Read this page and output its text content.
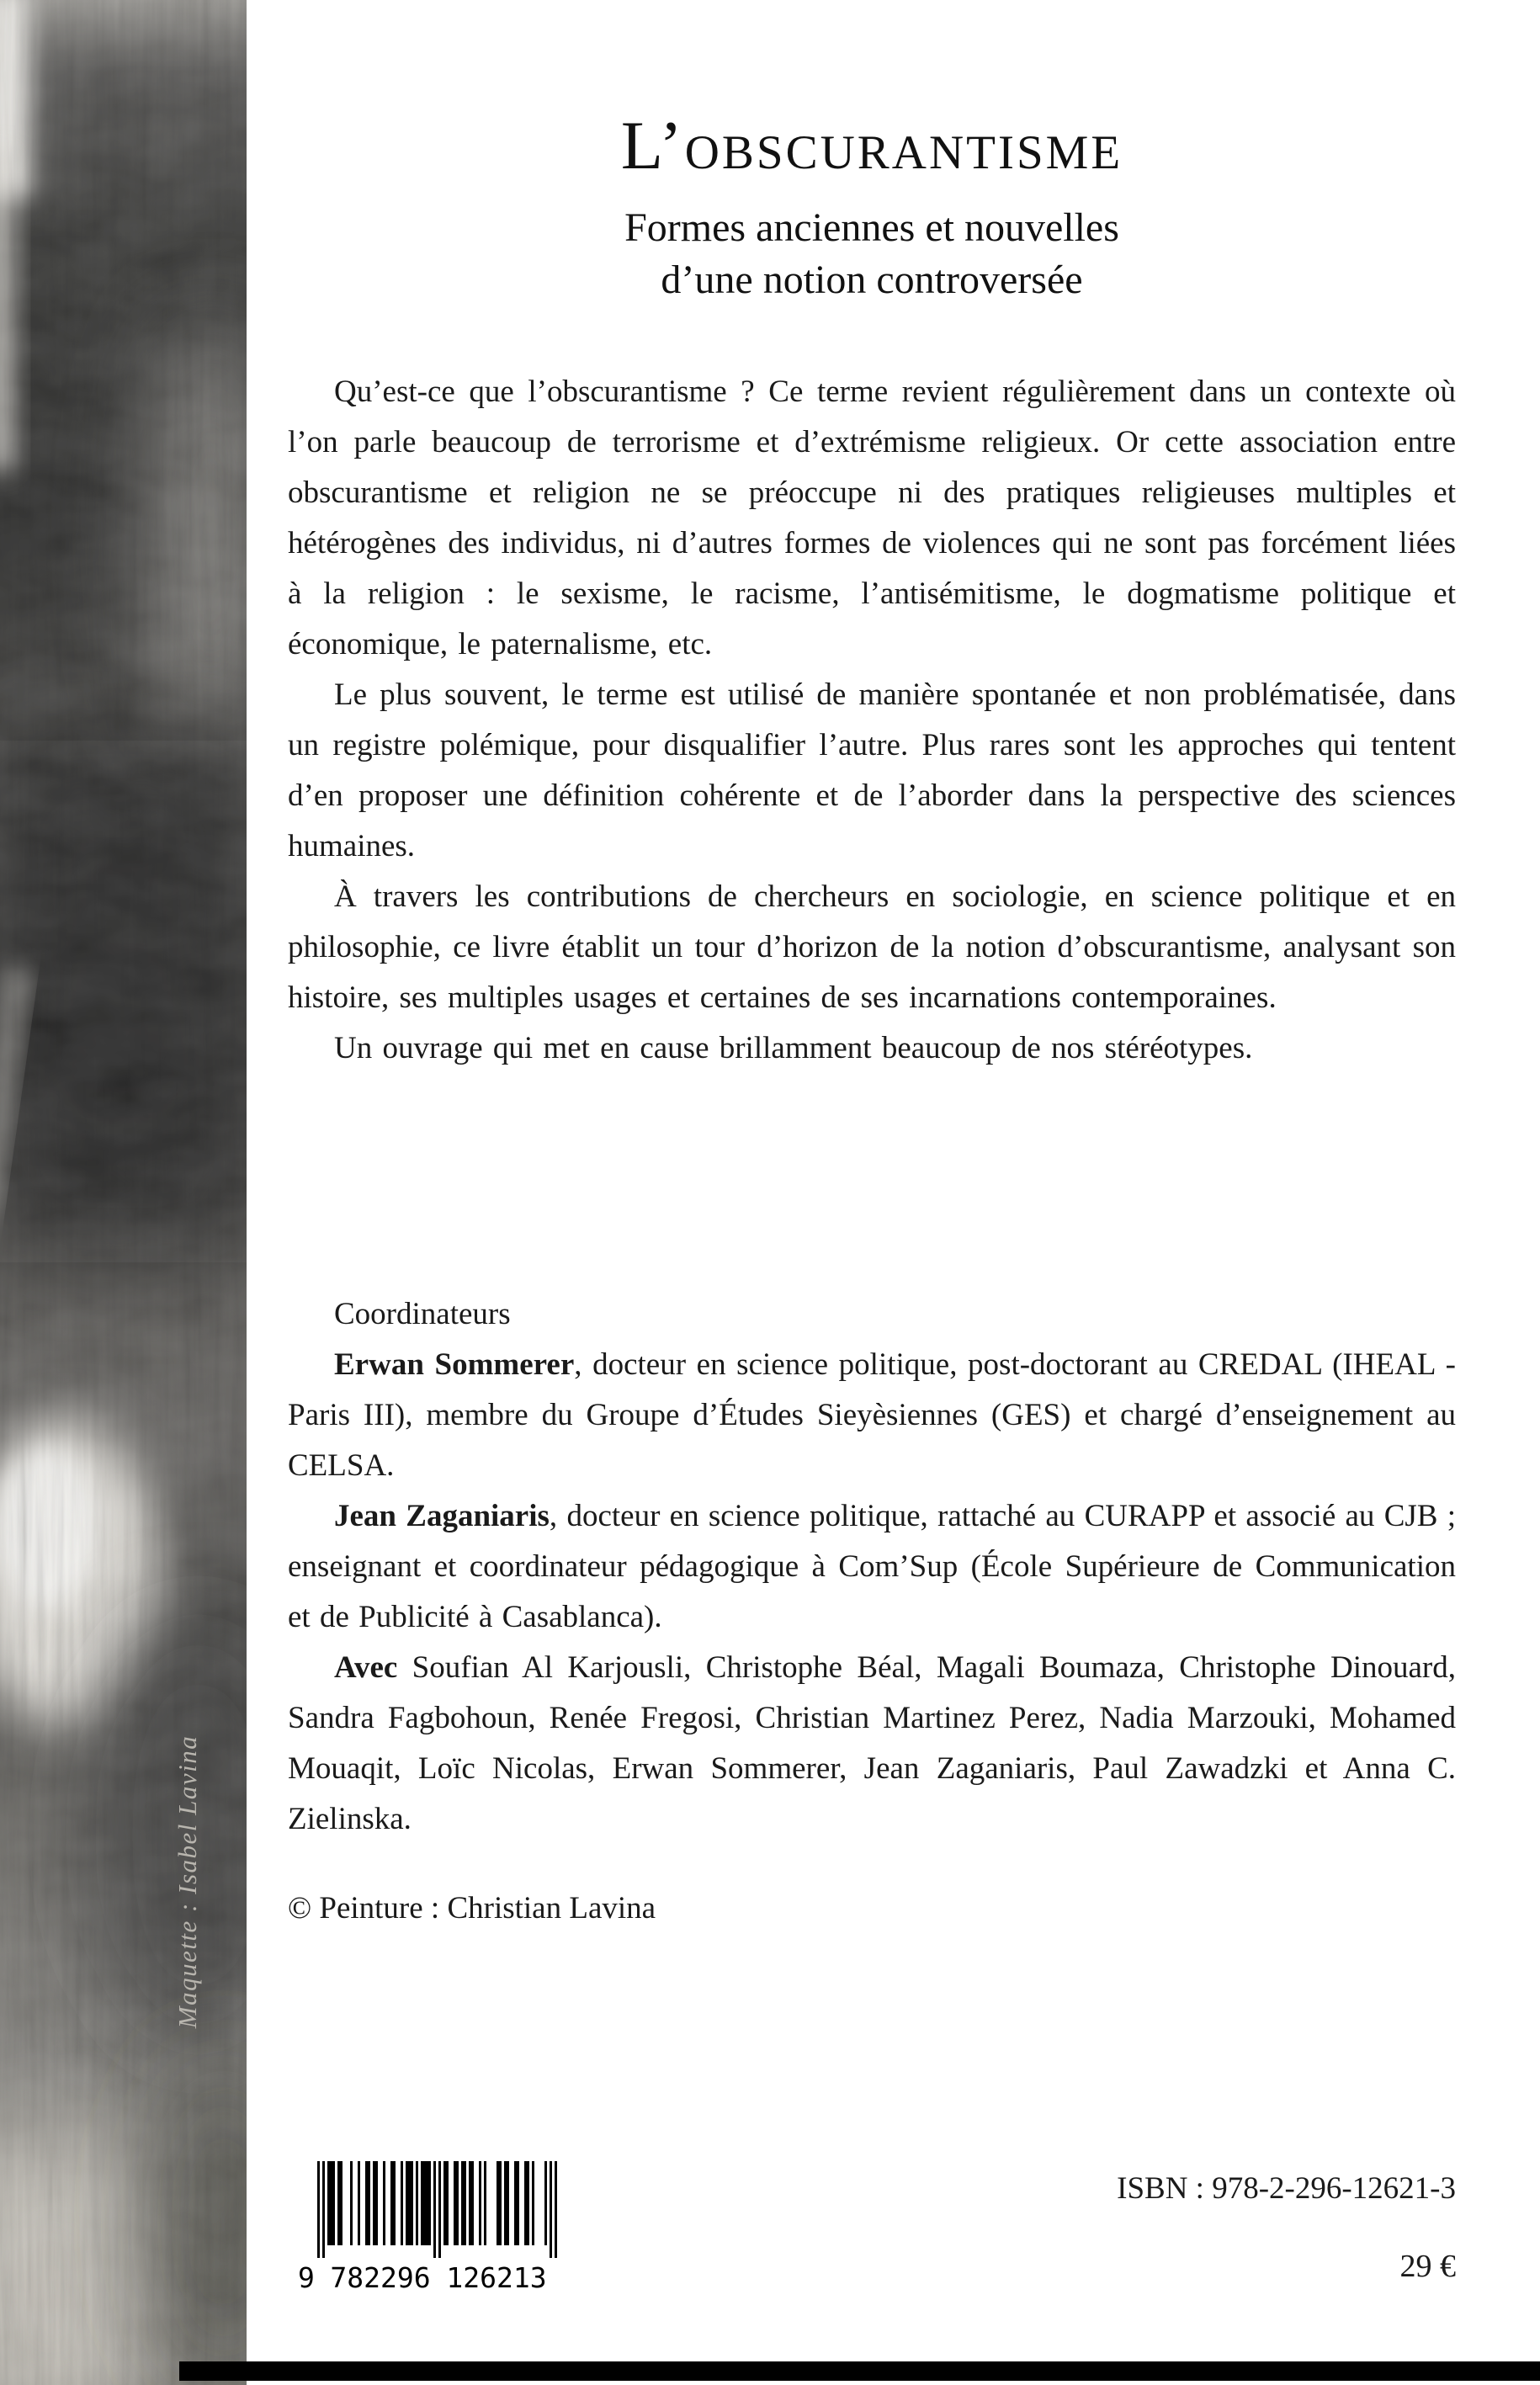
Maquette : Isabel Lavina
L’obscurantisme
Formes anciennes et nouvelles
d’une notion controversée

Qu’est-ce que l’obscurantisme ? Ce terme revient régulièrement dans un contexte où l’on parle beaucoup de terrorisme et d’extrémisme religieux. Or cette association entre obscurantisme et religion ne se préoccupe ni des pratiques religieuses multiples et hétérogènes des individus, ni d’autres formes de violences qui ne sont pas forcément liées à la religion : le sexisme, le racisme, l’antisémitisme, le dogmatisme politique et économique, le paternalisme, etc.

Le plus souvent, le terme est utilisé de manière spontanée et non problématisée, dans un registre polémique, pour disqualifier l’autre. Plus rares sont les approches qui tentent d’en proposer une définition cohérente et de l’aborder dans la perspective des sciences humaines.

À travers les contributions de chercheurs en sociologie, en science politique et en philosophie, ce livre établit un tour d’horizon de la notion d’obscurantisme, analysant son histoire, ses multiples usages et certaines de ses incarnations contemporaines.

Un ouvrage qui met en cause brillamment beaucoup de nos stéréotypes.

Coordinateurs

Erwan Sommerer, docteur en science politique, post-doctorant au CREDAL (IHEAL - Paris III), membre du Groupe d’Études Sieyèsiennes (GES) et chargé d’enseignement au CELSA.

Jean Zaganiaris, docteur en science politique, rattaché au CURAPP et associé au CJB ; enseignant et coordinateur pédagogique à Com’Sup (École Supérieure de Communication et de Publicité à Casablanca).

Avec Soufian Al Karjousli, Christophe Béal, Magali Boumaza, Christophe Dinouard, Sandra Fagbohoun, Renée Fregosi, Christian Martinez Perez, Nadia Marzouki, Mohamed Mouaqit, Loïc Nicolas, Erwan Sommerer, Jean Zaganiaris, Paul Zawadzki et Anna C. Zielinska.

© Peinture : Christian Lavina
9 782296 126213
ISBN : 978-2-296-12621-3
29 €
